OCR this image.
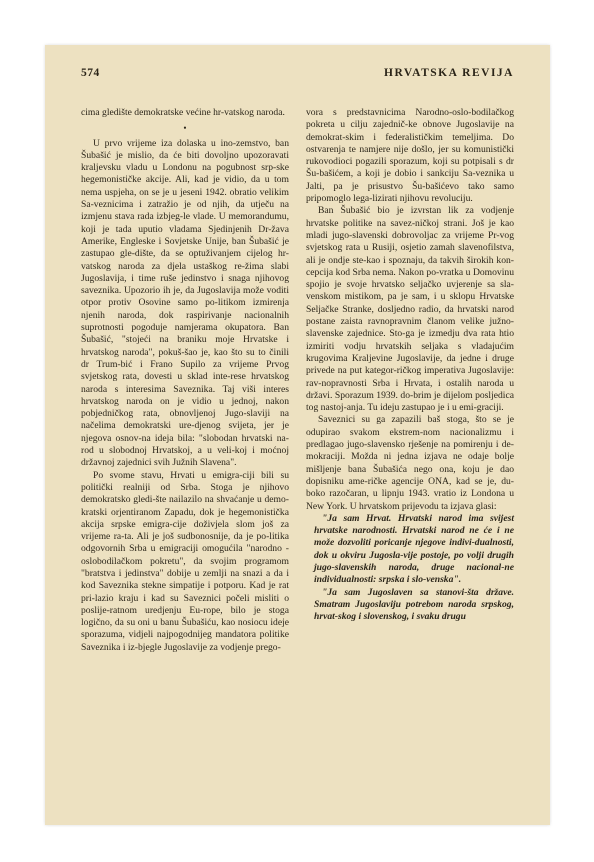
574	HRVATSKA REVIJA

cima gledište demokratske većine hr-vatskog naroda.

•

U prvo vrijeme iza dolaska u ino-zemstvo, ban Šubašić je mislio, da će biti dovoljno upozoravati kraljevsku vladu u Londonu na pogubnost srp-ske hegemonističke akcije. Ali, kad je vidio, da u tom nema uspjeha, on se je u jeseni 1942. obratio velikim Sa-veznicima i zatražio je od njih, da utječu na izmjenu stava rada izbjeg-le vlade. U memorandumu, koji je tada uputio vladama Sjedinjenih Dr-žava Amerike, Engleske i Sovjetske Unije, ban Šubašić je zastupao gle-dište, da se optuživanjem cijelog hr-vatskog naroda za djela ustaškog re-žima slabi Jugoslavija, i time ruše jedinstvo i snaga njihovog saveznika. Upozorio ih je, da Jugoslavija može voditi otpor protiv Osovine samo po-litikom izmirenja njenih naroda, dok raspirivanje nacionalnih suprotnosti pogoduje namjerama okupatora. Ban Šubašić, "stojeći na braniku moje Hrvatske i hrvatskog naroda", pokuš-šao je, kao što su to činili dr Trum-bić i Frano Supilo za vrijeme Prvog svjetskog rata, dovesti u sklad inte-rese hrvatskog naroda s interesima Saveznika. Taj viši interes hrvatskog naroda on je vidio u jednoj, nakon pobjedničkog rata, obnovljenoj Jugo-slaviji na načelima demokratski ure-djenog svijeta, jer je njegova osnov-na ideja bila: "slobodan hrvatski na-rod u slobodnoj Hrvatskoj, a u veli-koj i moćnoj državnoj zajednici svih Južnih Slavena".

Po svome stavu, Hrvati u emigra-ciji bili su politički realniji od Srba. Stoga je njihovo demokratsko gledi-šte nailazilo na shvaćanje u demo-kratski orjentiranom Zapadu, dok je hegemonistička akcija srpske emigra-cije doživjela slom još za vrijeme ra-ta. Ali je još sudbonosnije, da je po-litika odgovornih Srba u emigraciji omogućila "narodno - oslobodilačkom pokretu", da svojim programom "bratstva i jedinstva" dobije u zemlji na snazi a da i kod Saveznika stekne simpatije i potporu. Kad je rat pri-lazio kraju i kad su Saveznici počeli misliti o poslije-ratnom uredjenju Eu-rope, bilo je stoga logično, da su oni u banu Šubašiću, kao nosiocu ideje sporazuma, vidjeli najpogodnijeg mandatora politike Saveznika i iz-bjegle Jugoslavije za vodjenje prego-

vora s predstavnicima Narodno-oslo-bodilačkog pokreta u cilju zajednič-ke obnove Jugoslavije na demokrat-skim i federalističkim temeljima. Do ostvarenja te namjere nije došlo, jer su komunistički rukovodioci pogazili sporazum, koji su potpisali s dr Šu-bašićem, a koji je dobio i sankciju Sa-veznika u Jalti, pa je prisustvo Šu-bašićevo tako samo pripomoglo lega-lizirati njihovu revoluciju.

Ban Šubašić bio je izvrstan lik za vodjenje hrvatske politike na savez-ničkoj strani. Još je kao mladi jugo-slavenski dobrovoljac za vrijeme Pr-vog svjetskog rata u Rusiji, osjetio zamah slavenofilstva, ali je ondje ste-kao i spoznaju, da takvih širokih kon-cepcija kod Srba nema. Nakon po-vratka u Domovinu spojio je svoje hrvatsko seljačko uvjerenje sa sla-venskom mistikom, pa je sam, i u sklopu Hrvatske Seljačke Stranke, dosljedno radio, da hrvatski narod postane zaista ravnopravnim članom velike južno-slavenske zajednice. Sto-ga je izmedju dva rata htio izmiriti vodju hrvatskih seljaka s vladajućim krugovima Kraljevine Jugoslavije, da jedne i druge privede na put kategor-ričkog imperativa Jugoslavije: rav-nopravnosti Srba i Hrvata, i ostalih naroda u državi. Sporazum 1939. do-brim je dijelom posljedica tog nastoj-anja. Tu ideju zastupao je i u emi-graciji.

Saveznici su ga zapazili baš stoga, što se je odupirao svakom ekstrem-nom nacionalizmu i predlagao jugo-slavensko rješenje na pomirenju i de-mokraciji. Možda ni jedna izjava ne odaje bolje mišljenje bana Šubašića nego ona, koju je dao dopisniku ame-ričke agencije ONA, kad se je, du-boko razočaran, u lipnju 1943. vratio iz Londona u New York. U hrvatskom prijevodu ta izjava glasi:

"Ja sam Hrvat. Hrvatski narod ima svijest hrvatske narodnosti. Hrvatski narod ne će i ne može dozvoliti poricanje njegove indivi-dualnosti, dok u okviru Jugosla-vije postoje, po volji drugih jugo-slavenskih naroda, druge nacional-ne individualnosti: srpska i slo-venska".

"Ja sam Jugoslaven sa stanovi-šta države. Smatram Jugoslaviju potrebom naroda srpskog, hrvat-skog i slovenskog, i svaku drugu
